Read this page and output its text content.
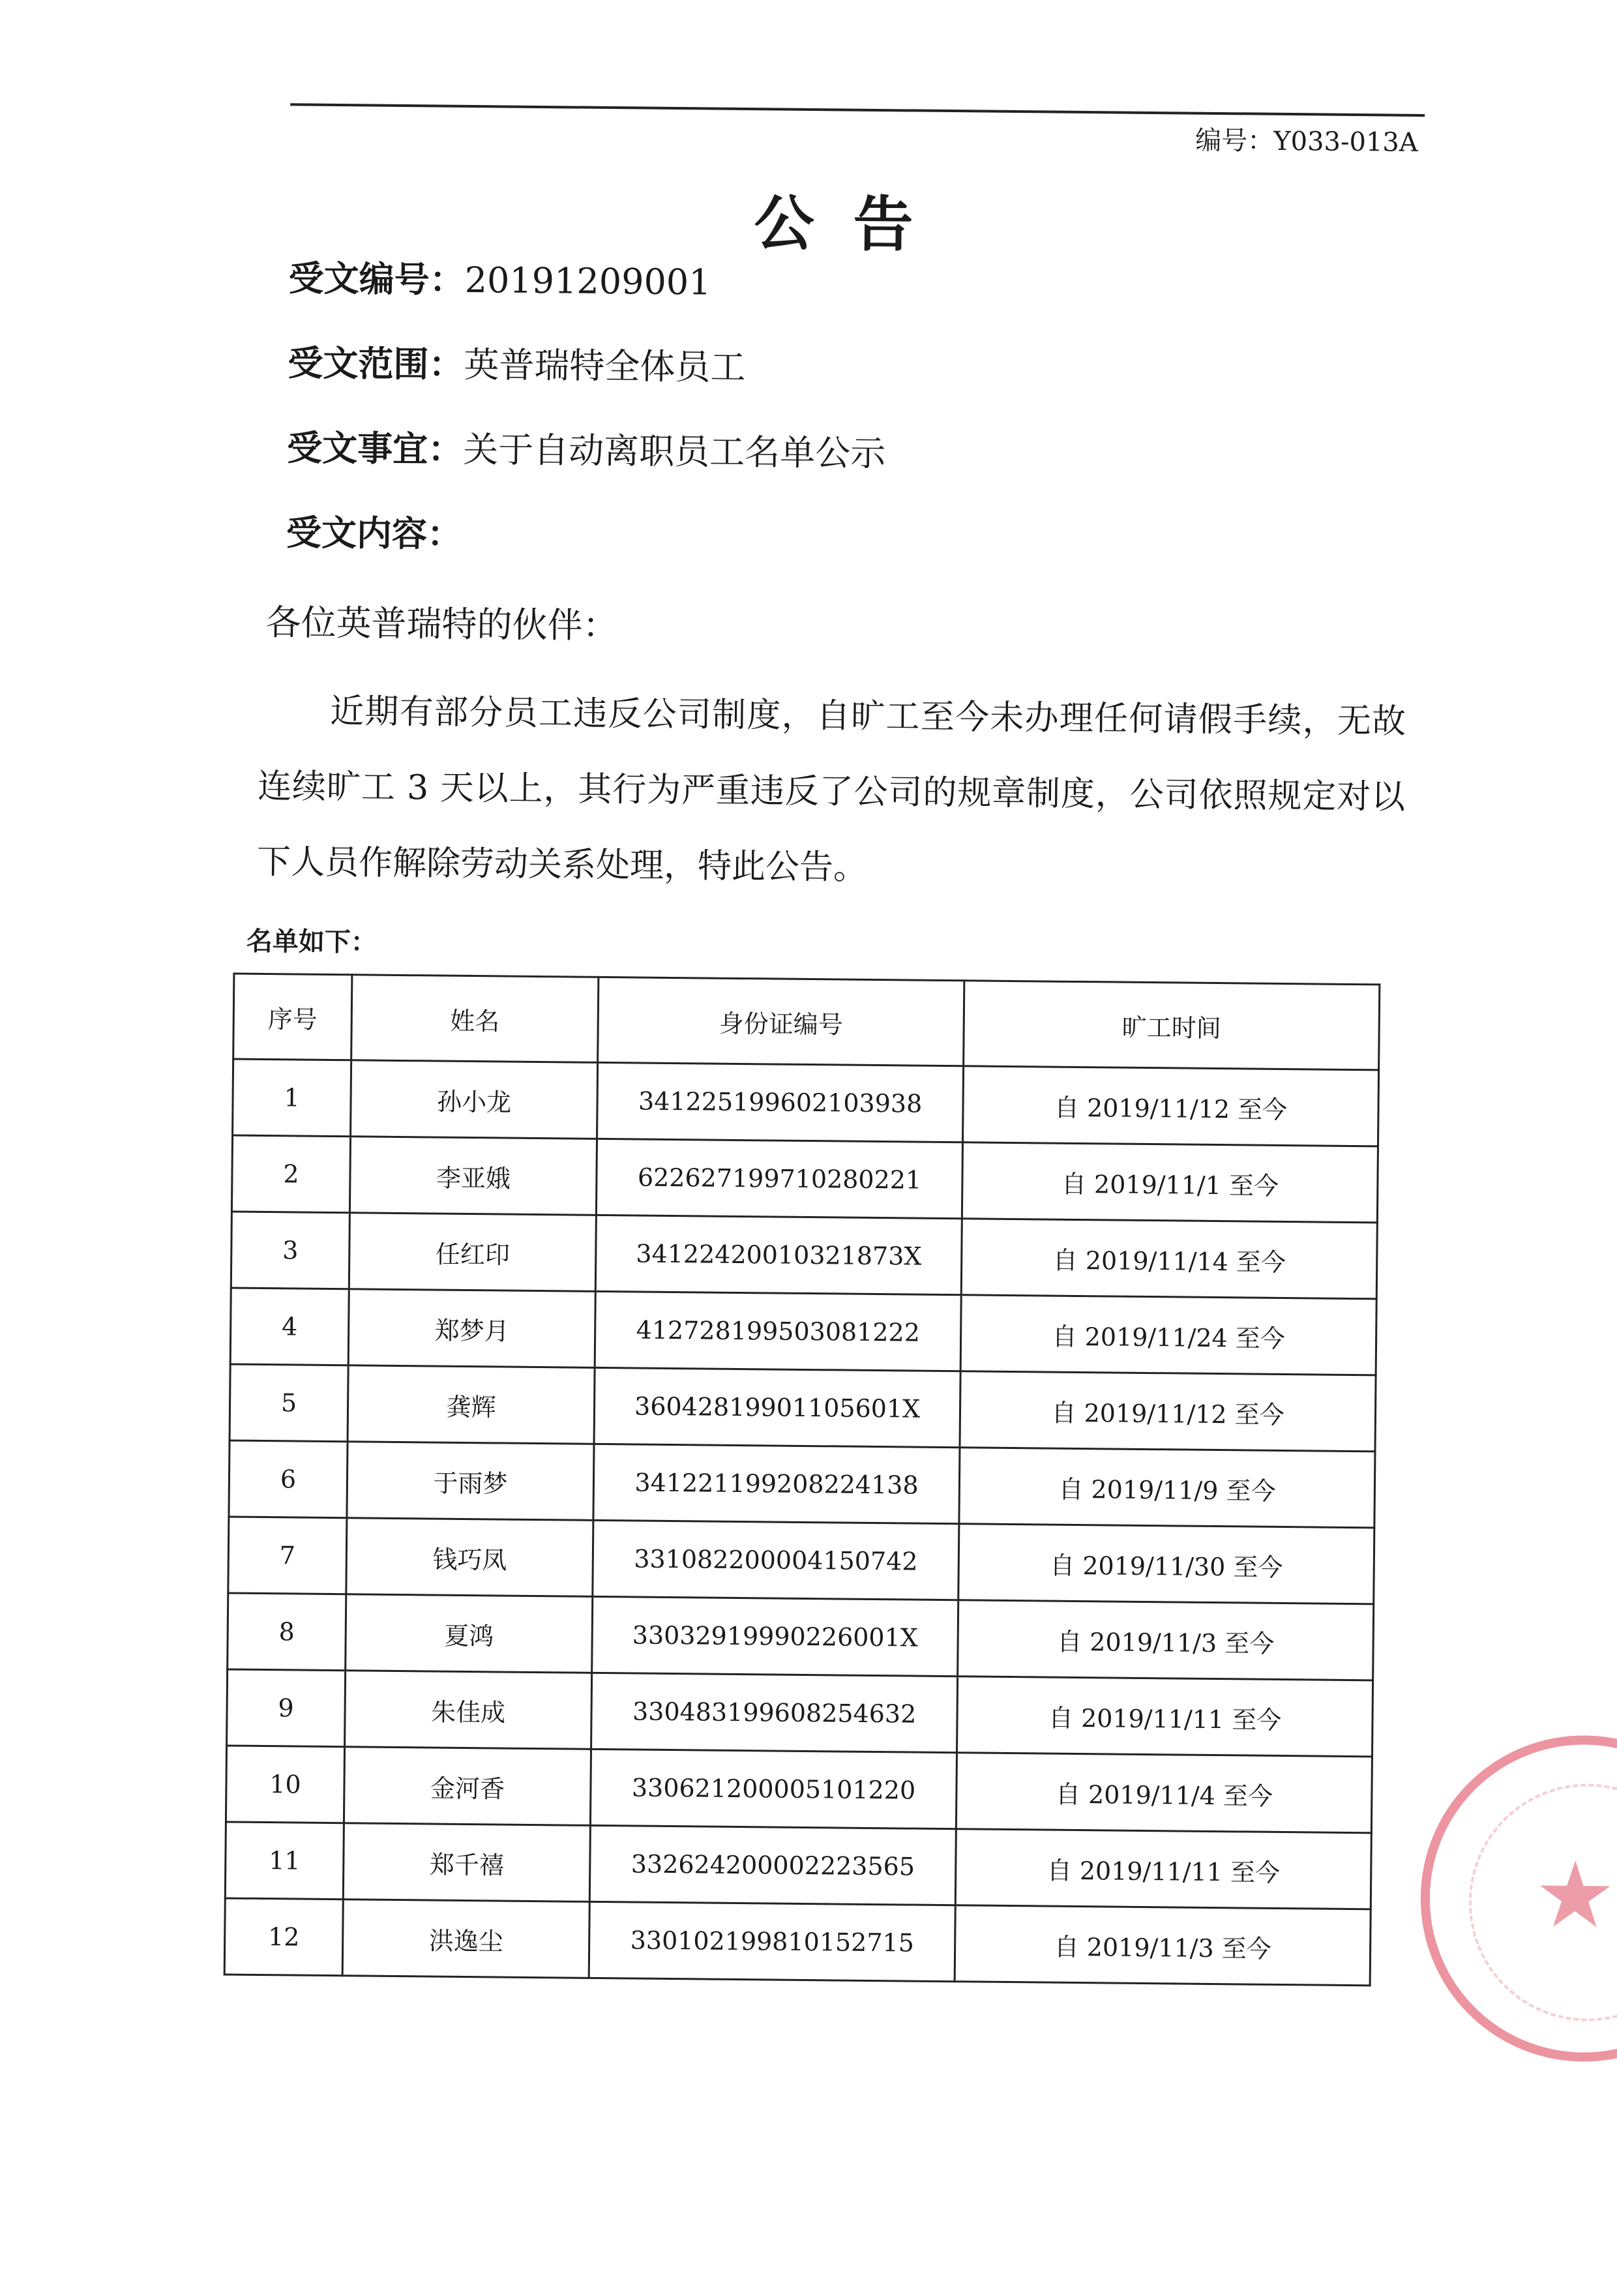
编号：Y033-013A
公告
受文编号：20191209001
受文范围：英普瑞特全体员工
受文事宜：关于自动离职员工名单公示
受文内容：
各位英普瑞特的伙伴：
近期有部分员工违反公司制度，自旷工至今未办理任何请假手续，无故连续旷工 3 天以上，其行为严重违反了公司的规章制度，公司依照规定对以下人员作解除劳动关系处理，特此公告。
名单如下：
序号	姓名	身份证编号	旷工时间
1	孙小龙	341225199602103938	自 2019/11/12 至今
2	李亚娥	622627199710280221	自 2019/11/1 至今
3	任红印	34122420010321873X	自 2019/11/14 至今
4	郑梦月	412728199503081222	自 2019/11/24 至今
5	龚辉	36042819901105601X	自 2019/11/12 至今
6	于雨梦	341221199208224138	自 2019/11/9 至今
7	钱巧凤	331082200004150742	自 2019/11/30 至今
8	夏鸿	33032919990226001X	自 2019/11/3 至今
9	朱佳成	330483199608254632	自 2019/11/11 至今
10	金河香	330621200005101220	自 2019/11/4 至今
11	郑千禧	332624200002223565	自 2019/11/11 至今
12	洪逸尘	330102199810152715	自 2019/11/3 至今	★
